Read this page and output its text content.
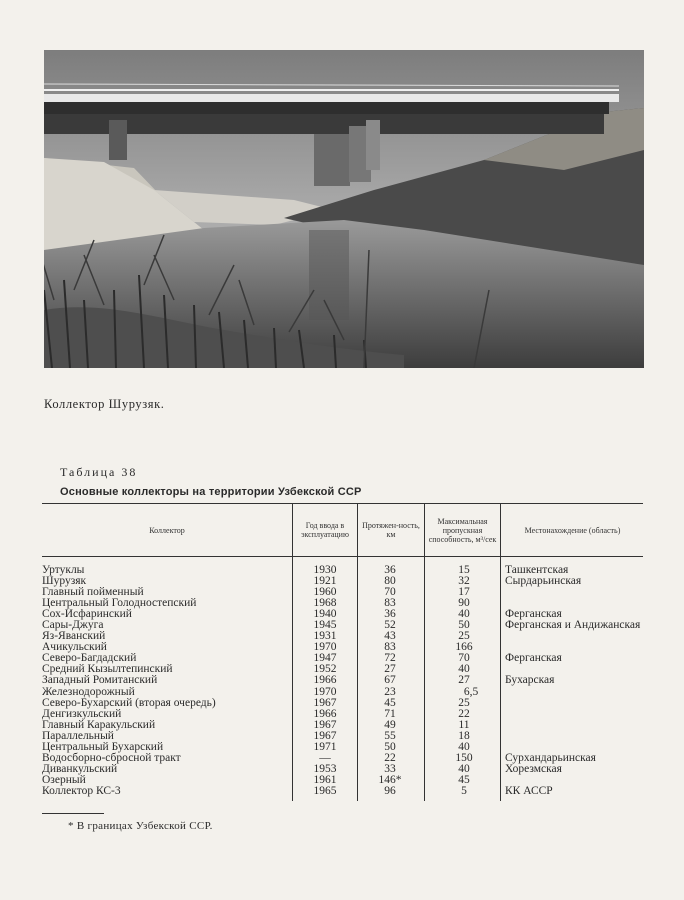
Коллектор Шурузяк.
Таблица 38
Основные коллекторы на территории Узбекской ССР
Коллектор	Год ввода в эксплуатацию
Протяжен-ность, км
Максимальная пропускная способность, м³/сек
Местонахождение (область)
Уртуклы
Шурузяк
Главный пойменный
Центральный Голодностепский
Сох-Исфаринский
Сары-Джуга
Яз-Яванский
Ачикульский
Северо-Багдадский
Средний Кызылтепинский
Западный Ромитанский
Железнодорожный
Северо-Бухарский (вторая очередь)
Денгизкульский
Главный Каракульский
Параллельный
Центральный Бухарский
Водосборно-сбросной тракт
Диванкульский
Озерный
Коллектор КС-3
1930
1921
1960
1968
1940
1945
1931
1970
1947
1952
1966
1970
1967
1966
1967
1967
1971
—
1953
1961
1965
36
80
70
83
36
52
43
83
72
27
67
23
45
71
49
55
50
22
33
146*
96
15
32
17
90
40
50
25
166
70
40
27
6,5
25
22
11
18
40
150
40
45
5
Ташкентская
Сырдарьинская
Ферганская
Ферганская и Андижанская
Ферганская
Бухарская
Сурхандарьинская
Хорезмская
КК АССР
* В границах Узбекской ССР.
